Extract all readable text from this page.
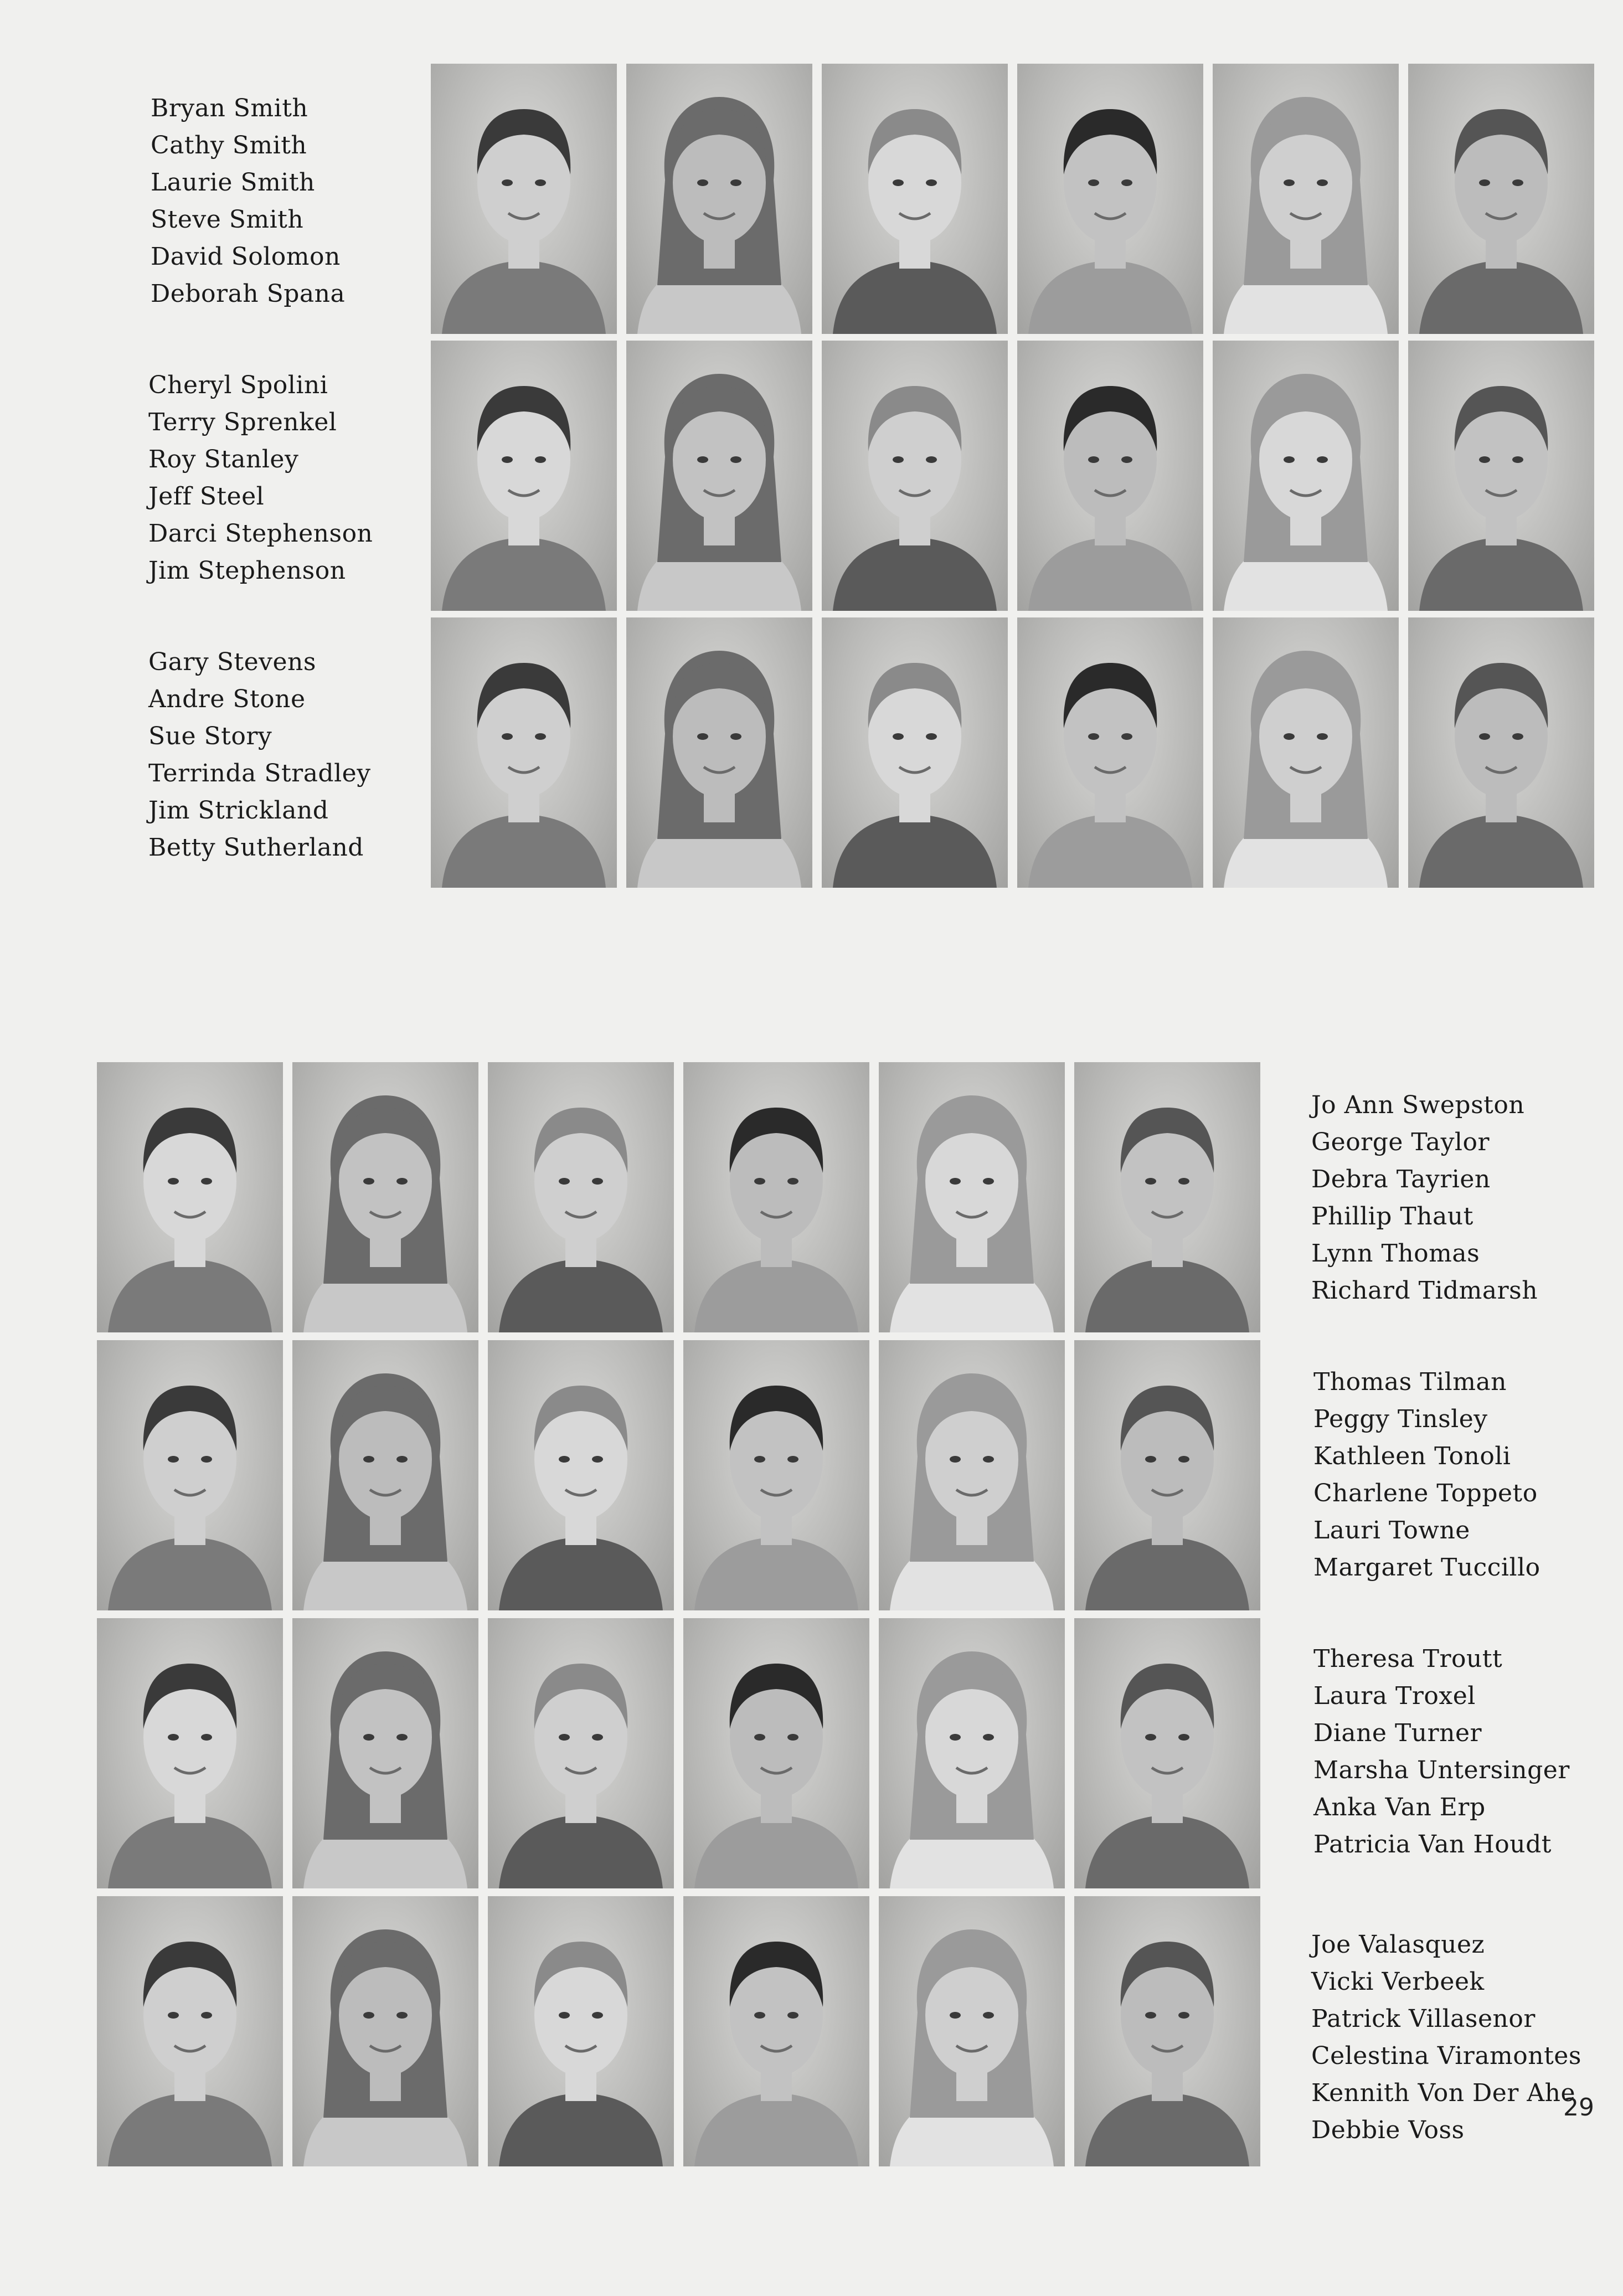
Bryan Smith
Cathy Smith
Laurie Smith
Steve Smith
David Solomon
Deborah Spana
Cheryl Spolini
Terry Sprenkel
Roy Stanley
Jeff Steel
Darci Stephenson
Jim Stephenson
Gary Stevens
Andre Stone
Sue Story
Terrinda Stradley
Jim Strickland
Betty Sutherland
Jo Ann Swepston
George Taylor
Debra Tayrien
Phillip Thaut
Lynn Thomas
Richard Tidmarsh
Thomas Tilman
Peggy Tinsley
Kathleen Tonoli
Charlene Toppeto
Lauri Towne
Margaret Tuccillo
Theresa Troutt
Laura Troxel
Diane Turner
Marsha Untersinger
Anka Van Erp
Patricia Van Houdt
Joe Valasquez
Vicki Verbeek
Patrick Villasenor
Celestina Viramontes
Kennith Von Der Ahe
Debbie Voss
29
